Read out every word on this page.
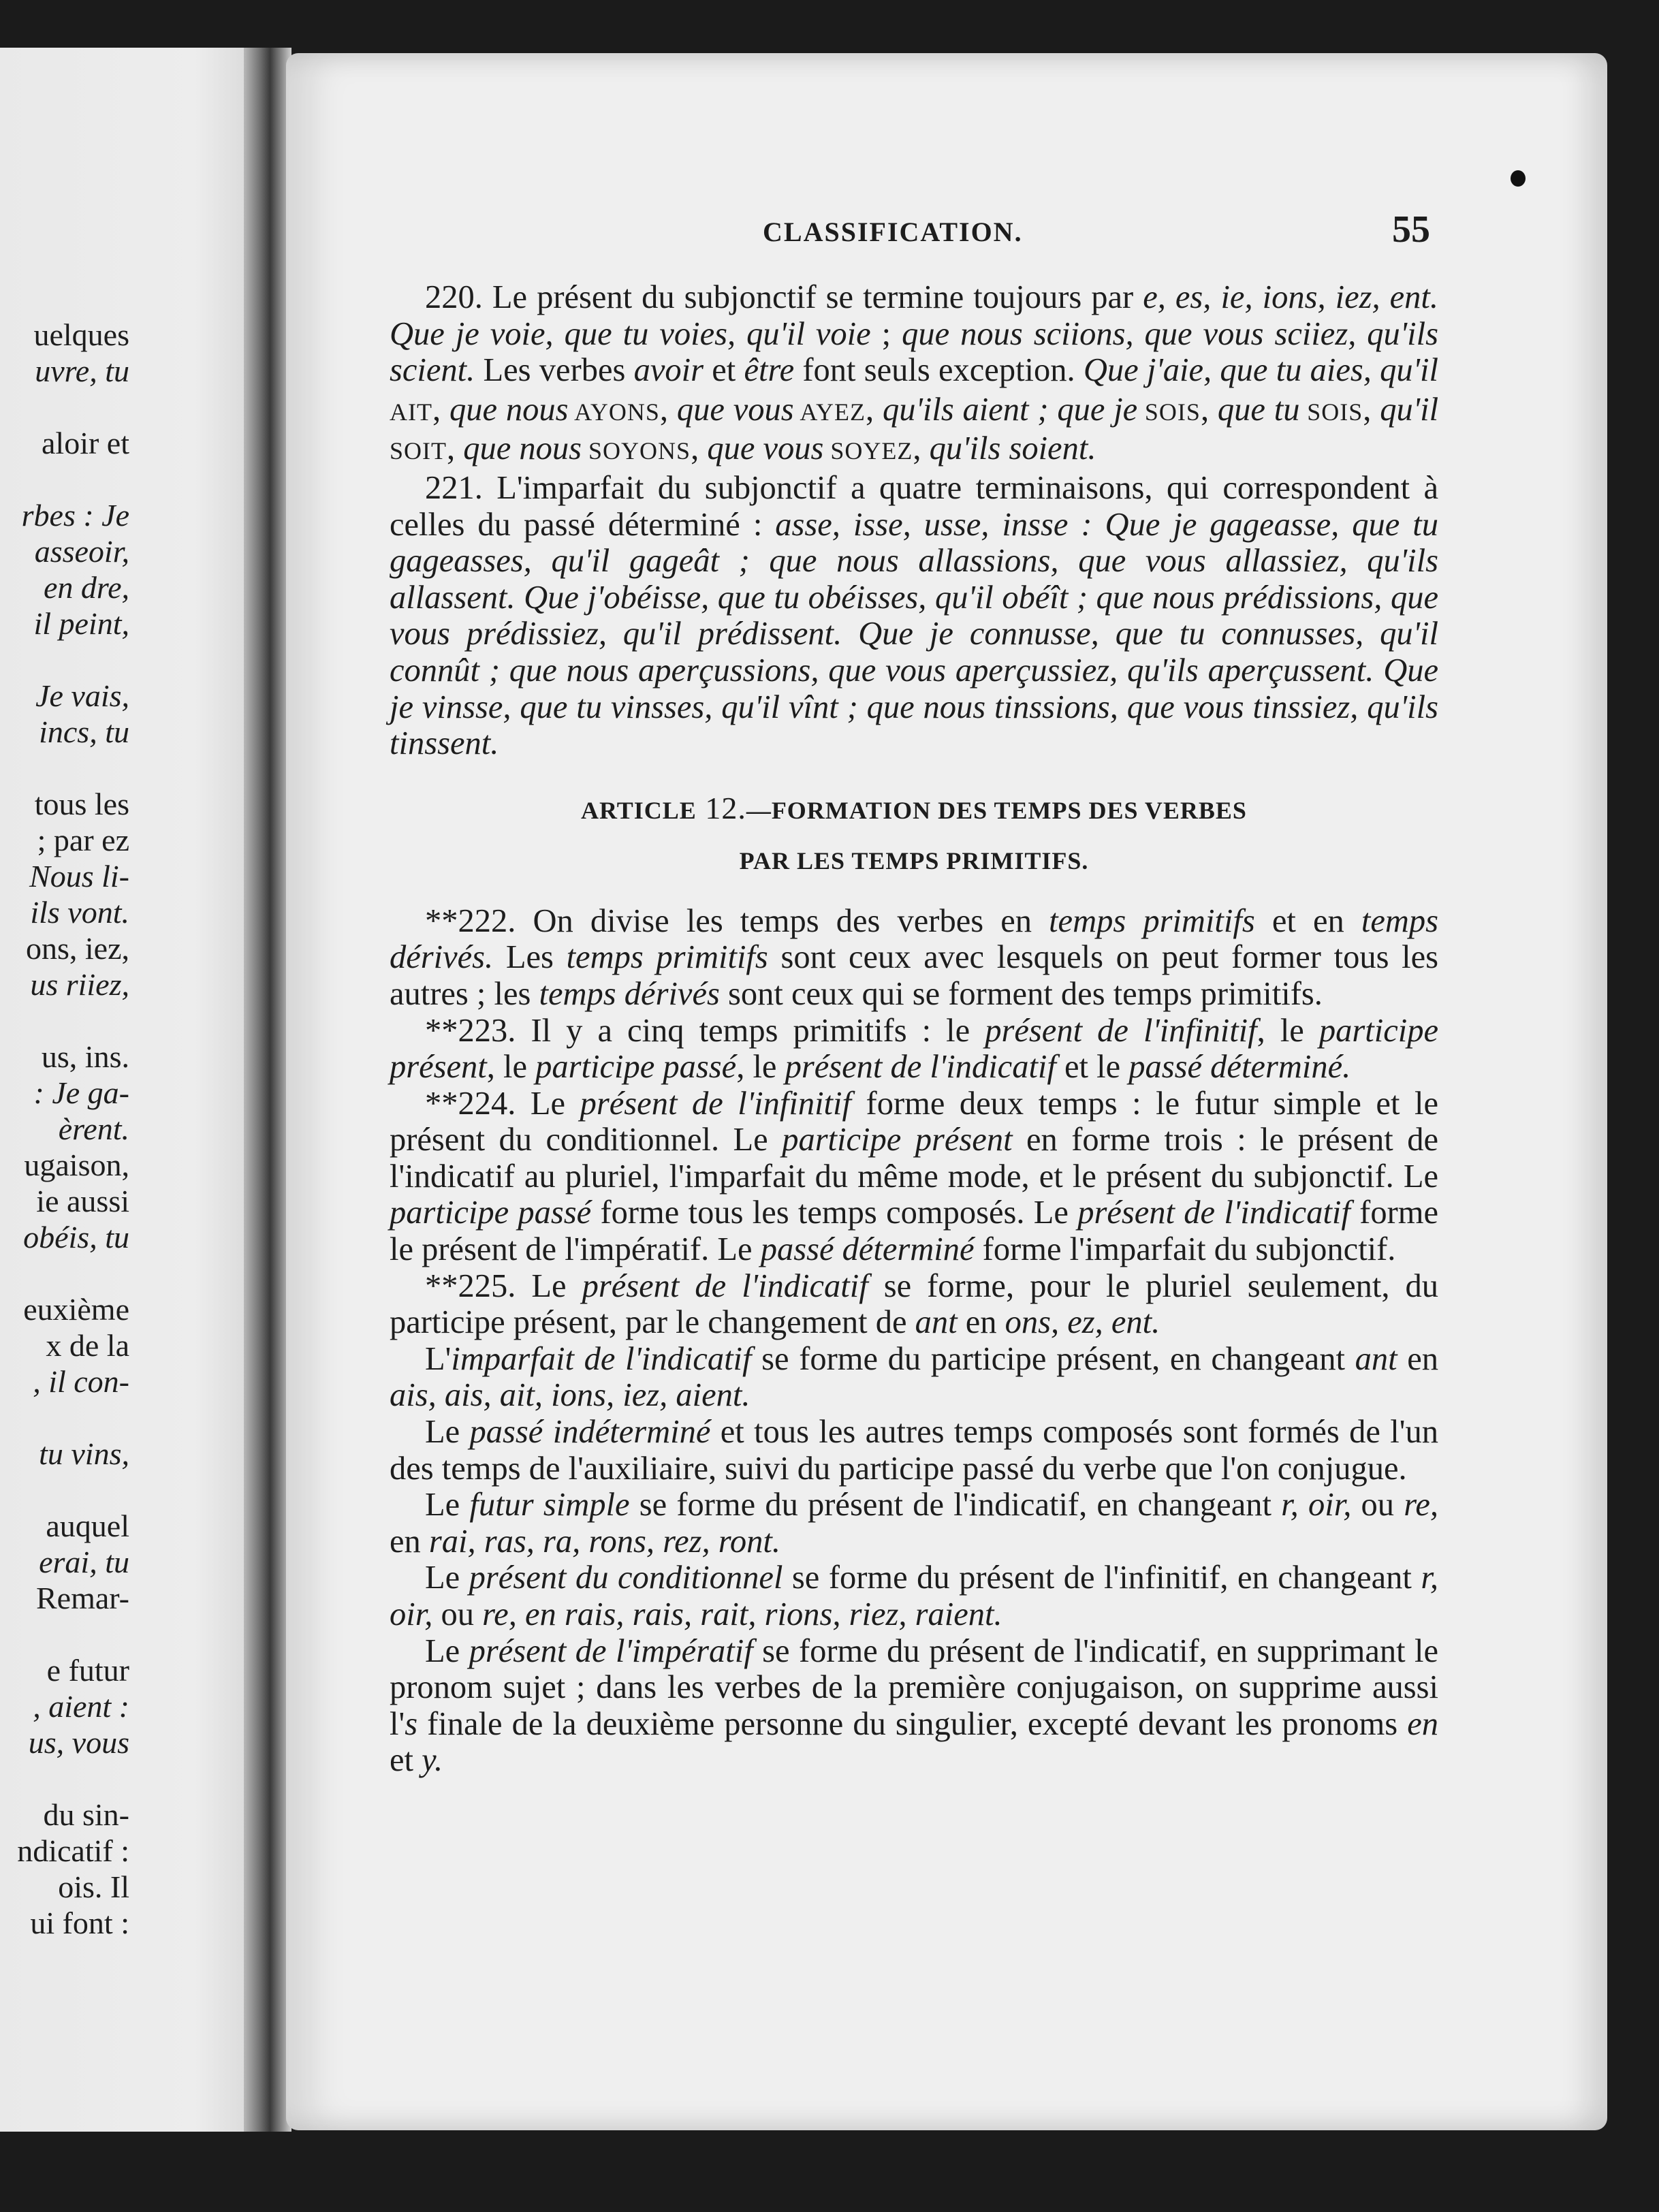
uelques
uvre, tu
aloir et
rbes : Je
asseoir,
en dre,
il peint,
Je vais,
incs, tu
tous les
; par ez
Nous li-
ils vont.
ons, iez,
us riiez,
us, ins.
: Je ga-
èrent.
ugaison,
ie aussi
obéis, tu
euxième
x de la
, il con-
tu vins,
auquel
erai, tu
Remar-
e futur
, aient :
us, vous
du sin-
ndicatif :
ois. Il
ui font :
CLASSIFICATION.	55

220. Le présent du subjonctif se termine toujours par e, es, ie, ions, iez, ent. Que je voie, que tu voies, qu'il voie ; que nous sciions, que vous sciiez, qu'ils scient. Les verbes avoir et être font seuls exception. Que j'aie, que tu aies, qu'il AIT, que nous AYONS, que vous AYEZ, qu'ils aient ; que je SOIS, que tu SOIS, qu'il SOIT, que nous SOYONS, que vous SOYEZ, qu'ils soient.

221. L'imparfait du subjonctif a quatre terminaisons, qui correspondent à celles du passé déterminé : asse, isse, usse, insse : Que je gageasse, que tu gageasses, qu'il gageât ; que nous allassions, que vous allassiez, qu'ils allassent. Que j'obéisse, que tu obéisses, qu'il obéît ; que nous prédissions, que vous prédissiez, qu'il prédissent. Que je connusse, que tu connusses, qu'il connût ; que nous aperçussions, que vous aperçussiez, qu'ils aperçussent. Que je vinsse, que tu vinsses, qu'il vînt ; que nous tinssions, que vous tinssiez, qu'ils tinssent.

ARTICLE 12.—FORMATION DES TEMPS DES VERBES

PAR LES TEMPS PRIMITIFS.

**222. On divise les temps des verbes en temps primitifs et en temps dérivés. Les temps primitifs sont ceux avec lesquels on peut former tous les autres ; les temps dérivés sont ceux qui se forment des temps primitifs.

**223. Il y a cinq temps primitifs : le présent de l'infinitif, le participe présent, le participe passé, le présent de l'indicatif et le passé déterminé.

**224. Le présent de l'infinitif forme deux temps : le futur simple et le présent du conditionnel. Le participe présent en forme trois : le présent de l'indicatif au pluriel, l'imparfait du même mode, et le présent du subjonctif. Le participe passé forme tous les temps composés. Le présent de l'indicatif forme le présent de l'impératif. Le passé déterminé forme l'imparfait du subjonctif.

**225. Le présent de l'indicatif se forme, pour le pluriel seulement, du participe présent, par le changement de ant en ons, ez, ent.

L'imparfait de l'indicatif se forme du participe présent, en changeant ant en ais, ais, ait, ions, iez, aient.

Le passé indéterminé et tous les autres temps composés sont formés de l'un des temps de l'auxiliaire, suivi du participe passé du verbe que l'on conjugue.

Le futur simple se forme du présent de l'indicatif, en changeant r, oir, ou re, en rai, ras, ra, rons, rez, ront.

Le présent du conditionnel se forme du présent de l'infinitif, en changeant r, oir, ou re, en rais, rais, rait, rions, riez, raient.

Le présent de l'impératif se forme du présent de l'indicatif, en supprimant le pronom sujet ; dans les verbes de la première conjugaison, on supprime aussi l's finale de la deuxième personne du singulier, excepté devant les pronoms en et y.
